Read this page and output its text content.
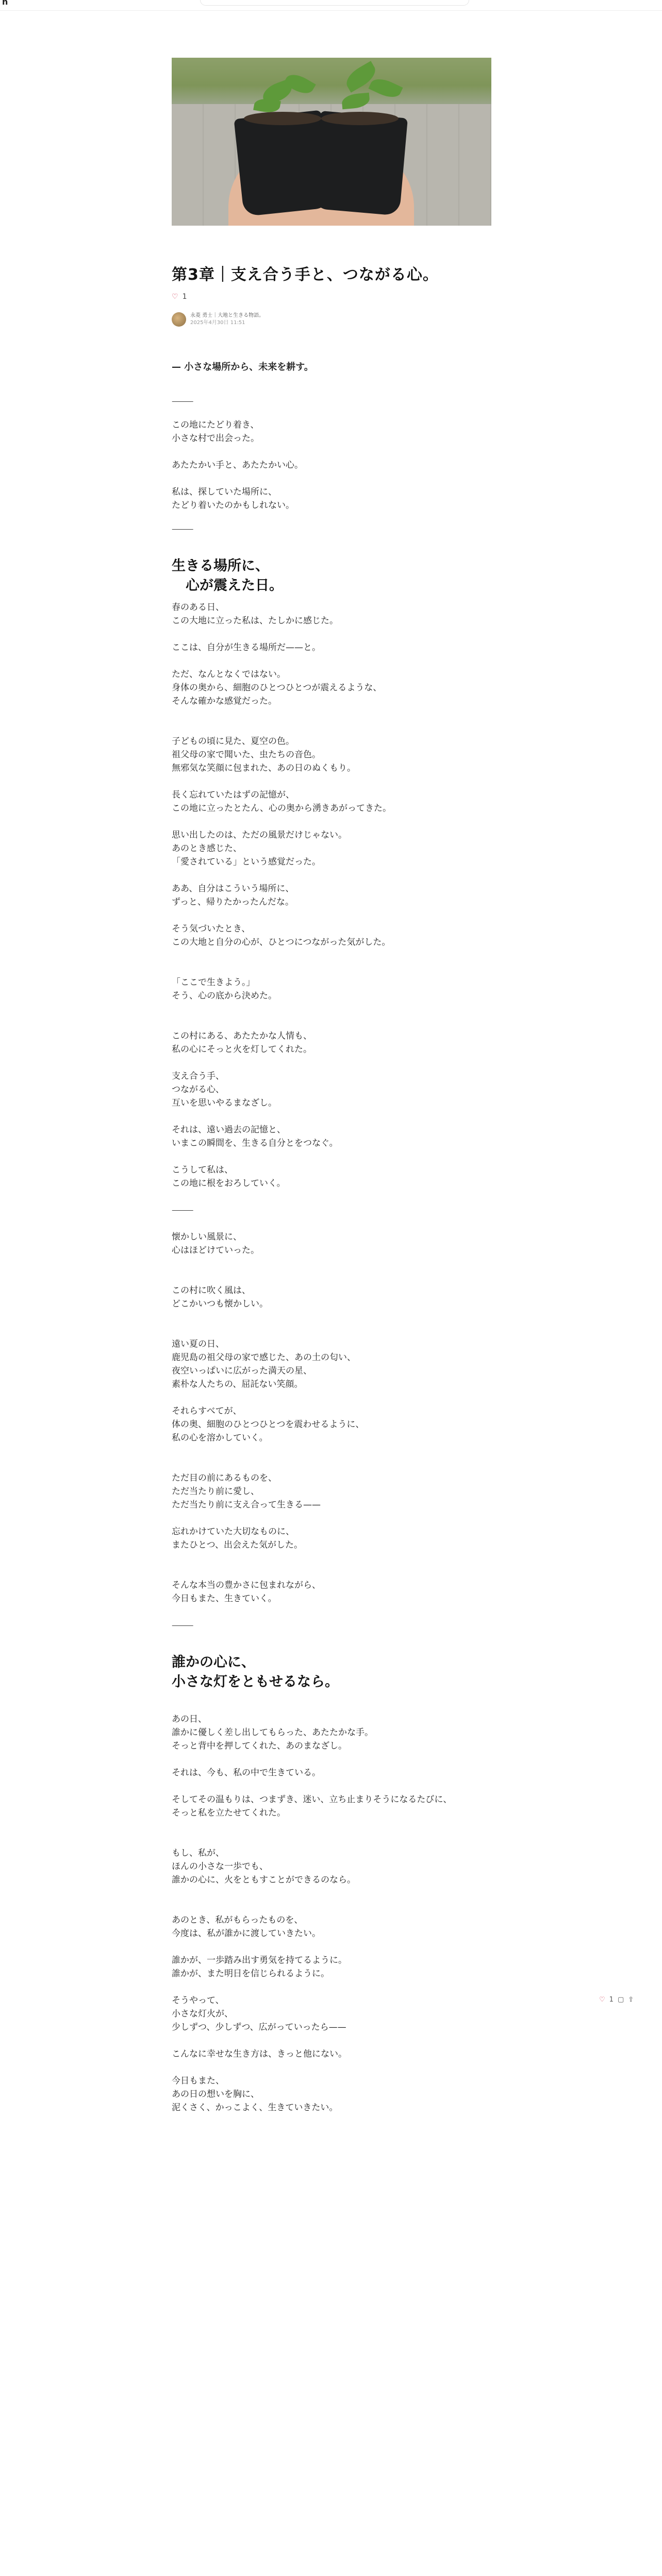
n
第3章｜支え合う手と、つながる心。
♡ 1
永菱 勇士｜大地と生きる物語。
2025年4月30日 11:51

— 小さな場所から、未来を耕す。

⸻

この地にたどり着き、
小さな村で出会った。

あたたかい手と、あたたかい心。

私は、探していた場所に、
たどり着いたのかもしれない。

⸻

生きる場所に、
　心が震えた日。

春のある日、
この大地に立った私は、たしかに感じた。

ここは、自分が生きる場所だ——と。

ただ、なんとなくではない。
身体の奥から、細胞のひとつひとつが震えるような、
そんな確かな感覚だった。

子どもの頃に見た、夏空の色。
祖父母の家で聞いた、虫たちの音色。
無邪気な笑顔に包まれた、あの日のぬくもり。

長く忘れていたはずの記憶が、
この地に立ったとたん、心の奥から湧きあがってきた。

思い出したのは、ただの風景だけじゃない。
あのとき感じた、
「愛されている」という感覚だった。

ああ、自分はこういう場所に、
ずっと、帰りたかったんだな。

そう気づいたとき、
この大地と自分の心が、ひとつにつながった気がした。

「ここで生きよう。」
そう、心の底から決めた。

この村にある、あたたかな人情も、
私の心にそっと火を灯してくれた。

支え合う手、
つながる心、
互いを思いやるまなざし。

それは、遠い過去の記憶と、
いまこの瞬間を、生きる自分とをつなぐ。

こうして私は、
この地に根をおろしていく。

⸻

懐かしい風景に、
心はほどけていった。

この村に吹く風は、
どこかいつも懐かしい。

遠い夏の日、
鹿児島の祖父母の家で感じた、あの土の匂い、
夜空いっぱいに広がった満天の星、
素朴な人たちの、屈託ない笑顔。

それらすべてが、
体の奥、細胞のひとつひとつを震わせるように、
私の心を溶かしていく。

ただ目の前にあるものを、
ただ当たり前に愛し、
ただ当たり前に支え合って生きる——

忘れかけていた大切なものに、
またひとつ、出会えた気がした。

そんな本当の豊かさに包まれながら、
今日もまた、生きていく。

⸻

誰かの心に、
小さな灯をともせるなら。

あの日、
誰かに優しく差し出してもらった、あたたかな手。
そっと背中を押してくれた、あのまなざし。

それは、今も、私の中で生きている。

そしてその温もりは、つまずき、迷い、立ち止まりそうになるたびに、
そっと私を立たせてくれた。

もし、私が、
ほんの小さな一歩でも、
誰かの心に、火をともすことができるのなら。

あのとき、私がもらったものを、
今度は、私が誰かに渡していきたい。

誰かが、一歩踏み出す勇気を持てるように。
誰かが、また明日を信じられるように。

そうやって、
小さな灯火が、
少しずつ、少しずつ、広がっていったら——

こんなに幸せな生き方は、きっと他にない。

今日もまた、
あの日の想いを胸に、
泥くさく、かっこよく、生きていきたい。

♡ 1 ▢ ⇪
